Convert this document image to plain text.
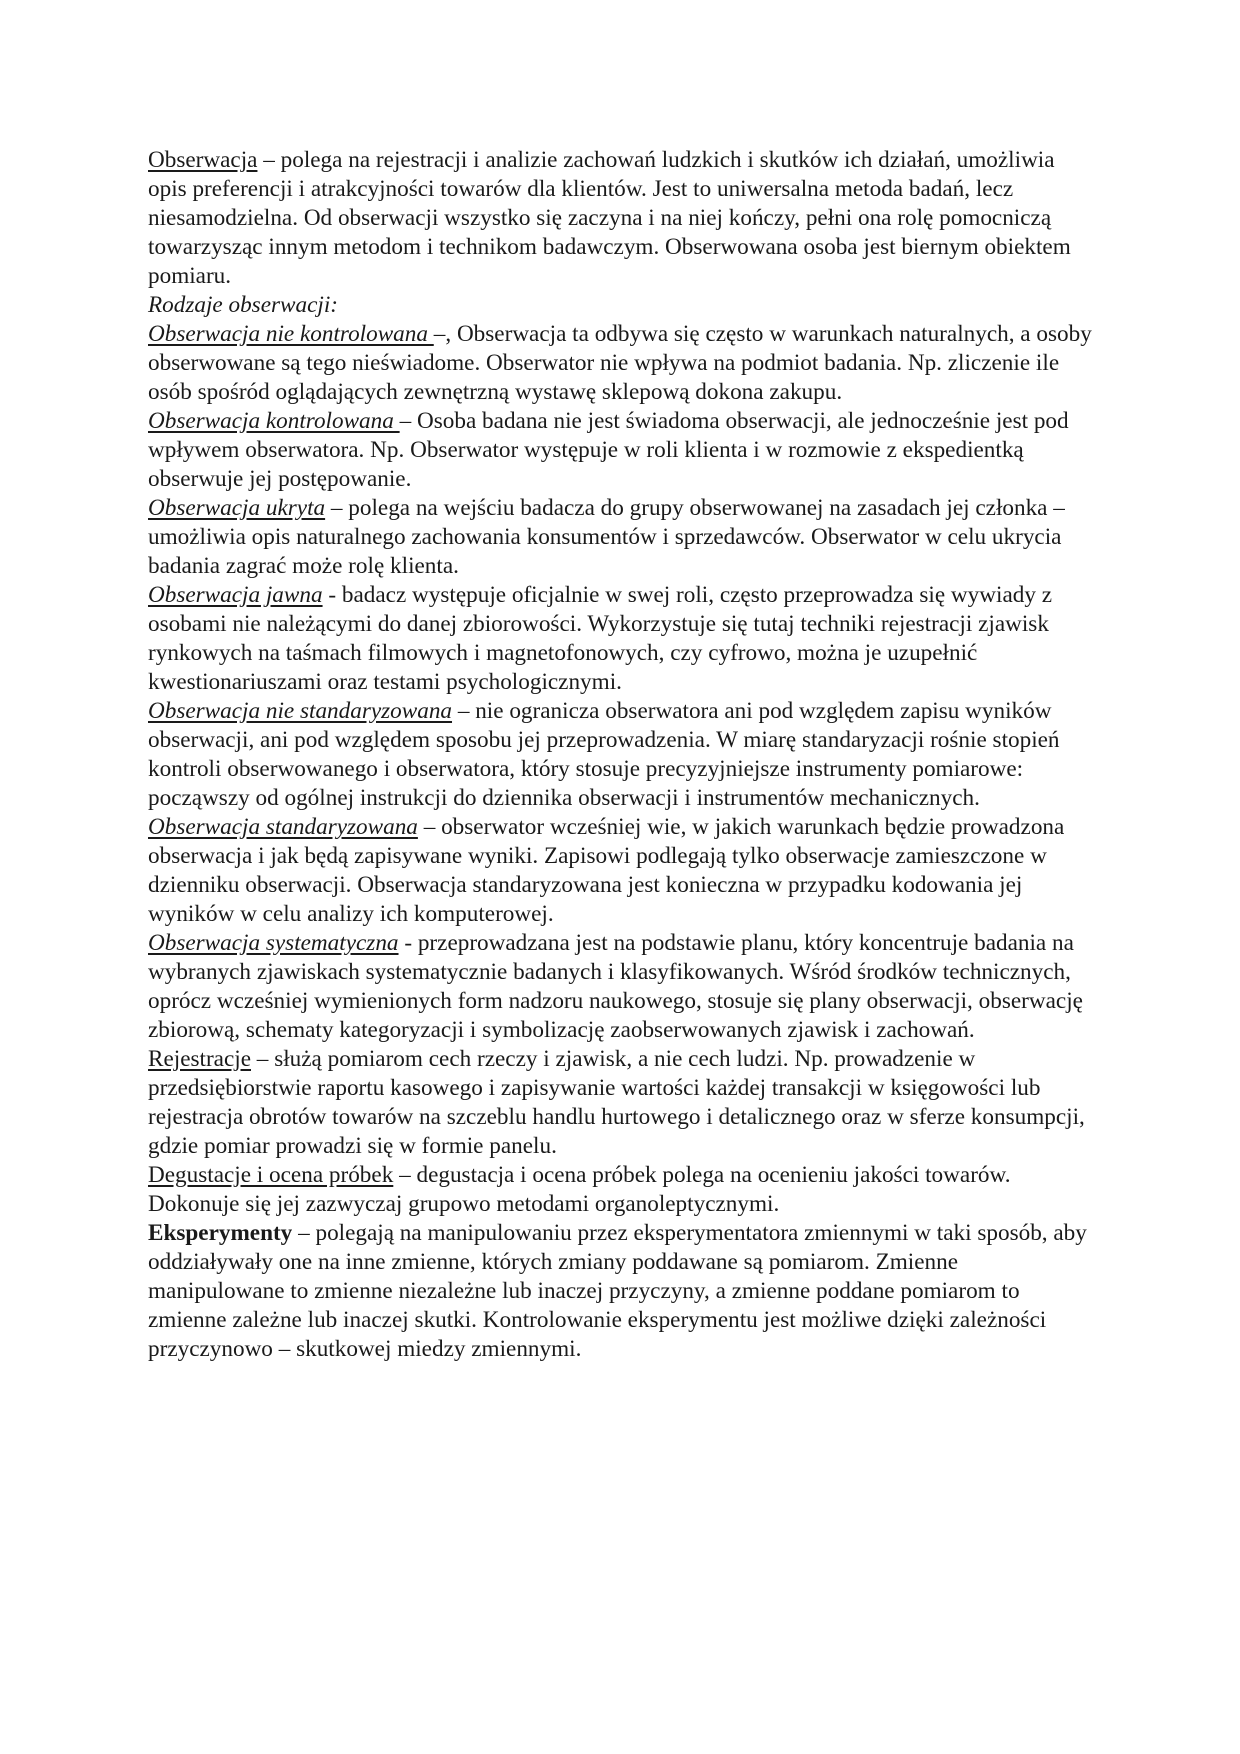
Obserwacja – polega na rejestracji i analizie zachowań ludzkich i skutków ich działań, umożliwia opis preferencji i atrakcyjności towarów dla klientów. Jest to uniwersalna metoda badań, lecz niesamodzielna. Od obserwacji wszystko się zaczyna i na niej kończy, pełni ona rolę pomocniczą towarzysząc innym metodom i technikom badawczym. Obserwowana osoba jest biernym obiektem pomiaru.

Rodzaje obserwacji:

Obserwacja nie kontrolowana –, Obserwacja ta odbywa się często w warunkach naturalnych, a osoby obserwowane są tego nieświadome. Obserwator nie wpływa na podmiot badania. Np. zliczenie ile osób spośród oglądających zewnętrzną wystawę sklepową dokona zakupu.

Obserwacja kontrolowana – Osoba badana nie jest świadoma obserwacji, ale jednocześnie jest pod wpływem obserwatora. Np. Obserwator występuje w roli klienta i w rozmowie z ekspedientką obserwuje jej postępowanie.

Obserwacja ukryta – polega na wejściu badacza do grupy obserwowanej na zasadach jej członka – umożliwia opis naturalnego zachowania konsumentów i sprzedawców. Obserwator w celu ukrycia badania zagrać może rolę klienta.

Obserwacja jawna - badacz występuje oficjalnie w swej roli, często przeprowadza się wywiady z osobami nie należącymi do danej zbiorowości. Wykorzystuje się tutaj techniki rejestracji zjawisk rynkowych na taśmach filmowych i magnetofonowych, czy cyfrowo, można je uzupełnić kwestionariuszami oraz testami psychologicznymi.

Obserwacja nie standaryzowana – nie ogranicza obserwatora ani pod względem zapisu wyników obserwacji, ani pod względem sposobu jej przeprowadzenia. W miarę standaryzacji rośnie stopień kontroli obserwowanego i obserwatora, który stosuje precyzyjniejsze instrumenty pomiarowe: począwszy od ogólnej instrukcji do dziennika obserwacji i instrumentów mechanicznych.

Obserwacja standaryzowana – obserwator wcześniej wie, w jakich warunkach będzie prowadzona obserwacja i jak będą zapisywane wyniki. Zapisowi podlegają tylko obserwacje zamieszczone w dzienniku obserwacji. Obserwacja standaryzowana jest konieczna w przypadku kodowania jej wyników w celu analizy ich komputerowej.

Obserwacja systematyczna - przeprowadzana jest na podstawie planu, który koncentruje badania na wybranych zjawiskach systematycznie badanych i klasyfikowanych. Wśród środków technicznych, oprócz wcześniej wymienionych form nadzoru naukowego, stosuje się plany obserwacji, obserwację zbiorową, schematy kategoryzacji i symbolizację zaobserwowanych zjawisk i zachowań.

Rejestracje – służą pomiarom cech rzeczy i zjawisk, a nie cech ludzi. Np. prowadzenie w przedsiębiorstwie raportu kasowego i zapisywanie wartości każdej transakcji w księgowości lub rejestracja obrotów towarów na szczeblu handlu hurtowego i detalicznego oraz w sferze konsumpcji, gdzie pomiar prowadzi się w formie panelu.

Degustacje i ocena próbek – degustacja i ocena próbek polega na ocenieniu jakości towarów. Dokonuje się jej zazwyczaj grupowo metodami organoleptycznymi.

Eksperymenty – polegają na manipulowaniu przez eksperymentatora zmiennymi w taki sposób, aby oddziaływały one na inne zmienne, których zmiany poddawane są pomiarom. Zmienne manipulowane to zmienne niezależne lub inaczej przyczyny, a zmienne poddane pomiarom to zmienne zależne lub inaczej skutki. Kontrolowanie eksperymentu jest możliwe dzięki zależności przyczynowo – skutkowej miedzy zmiennymi.
